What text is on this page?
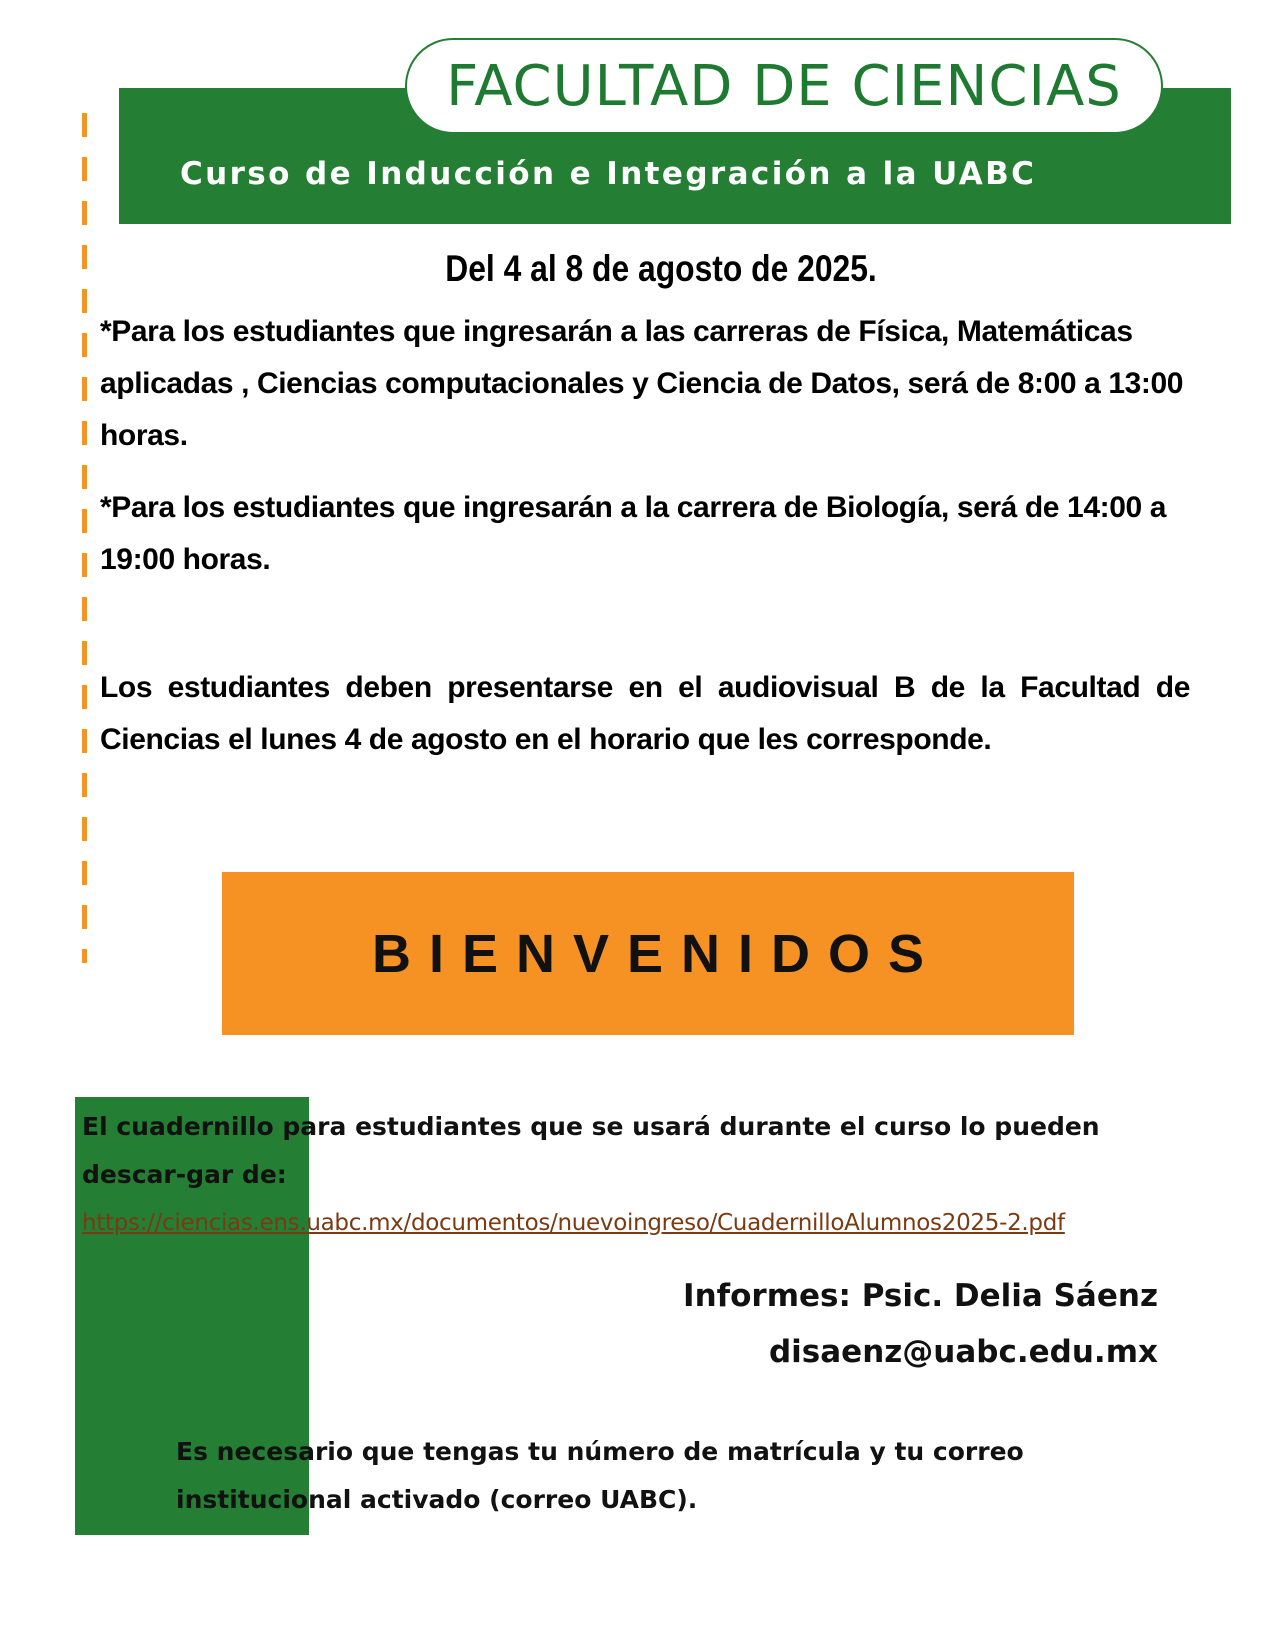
FACULTAD DE CIENCIAS
Curso de Inducción e Integración a la UABC
Del 4 al 8 de agosto de 2025.
*Para los estudiantes que ingresarán a las carreras de Física, Matemáticas aplicadas , Ciencias computacionales y Ciencia de Datos, será de 8:00 a 13:00 horas.
*Para los estudiantes que ingresarán a la carrera de Biología, será de 14:00 a 19:00 horas.
Los estudiantes deben presentarse en el audiovisual B de la Facultad de Ciencias el lunes 4 de agosto en el horario que les corresponde.
BIENVENIDOS
El cuadernillo para estudiantes que se usará durante el curso lo pueden descar-gar de:
https://ciencias.ens.uabc.mx/documentos/nuevoingreso/CuadernilloAlumnos2025-2.pdf
Informes: Psic. Delia Sáenz
disaenz@uabc.edu.mx
Es necesario que tengas tu número de matrícula y tu correo institucional activado (correo UABC).
